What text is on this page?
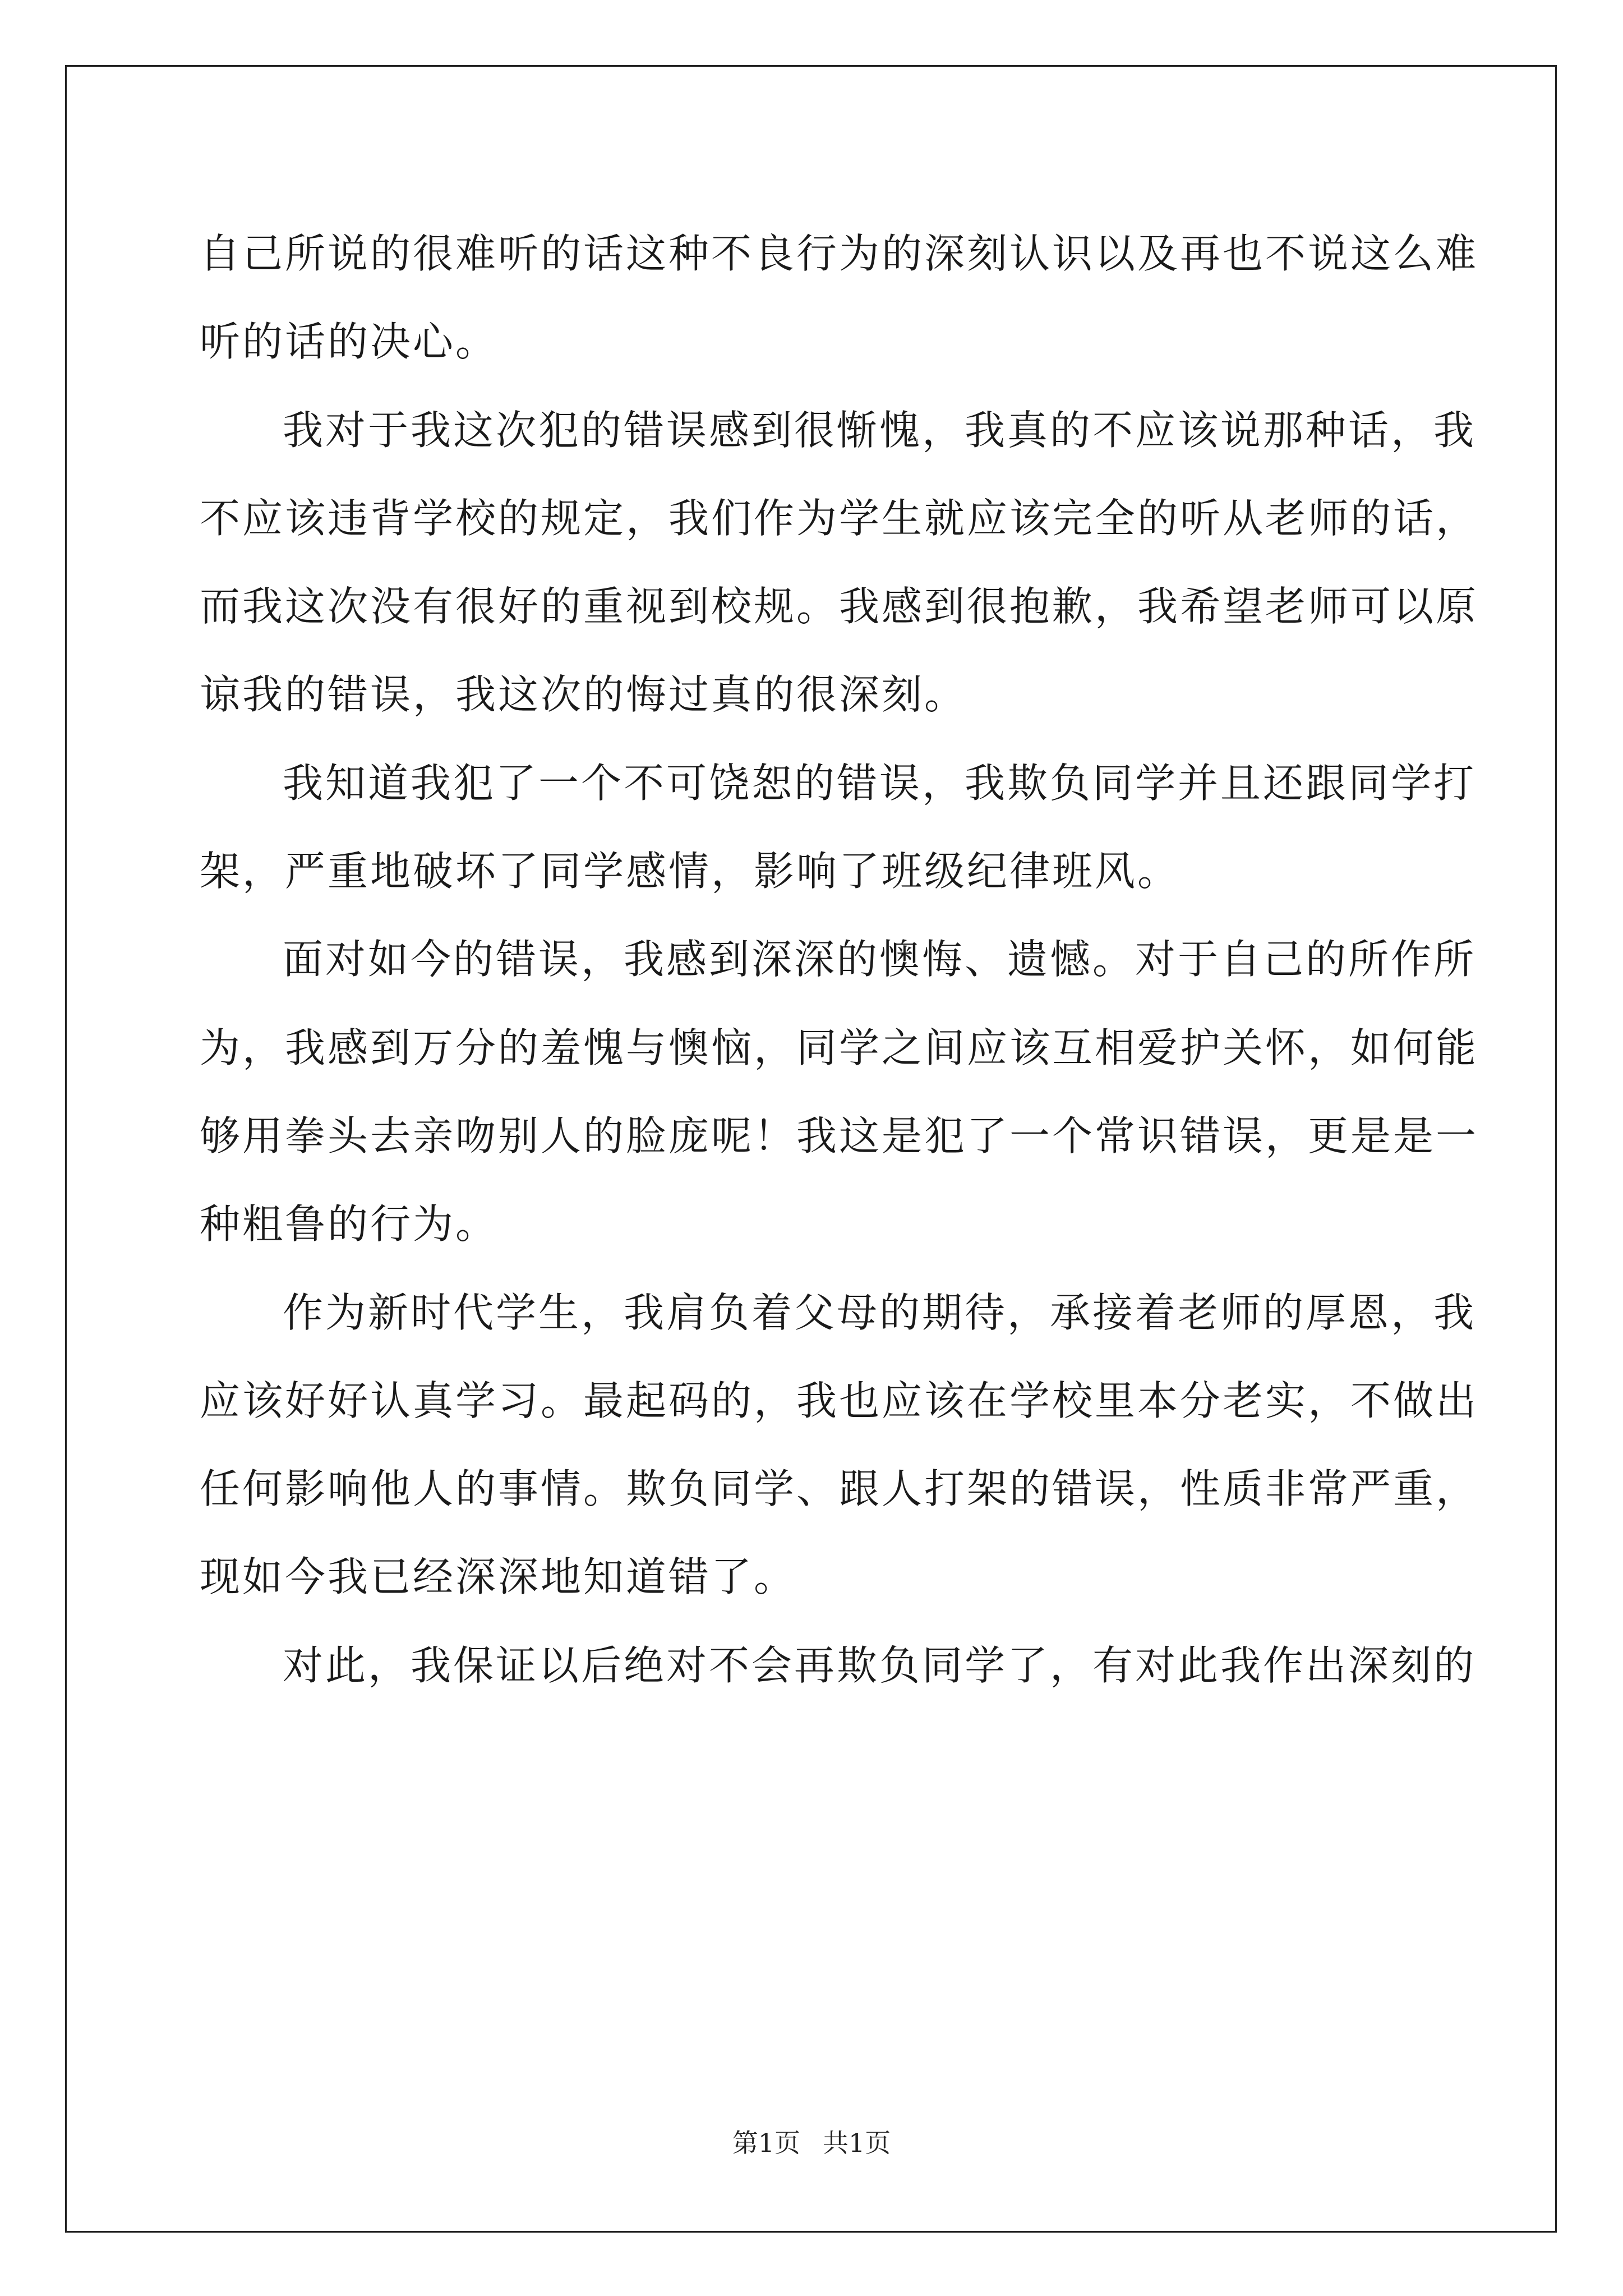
自己所说的很难听的话这种不良行为的深刻认识以及再也不说这么难
听的话的决心。
我对于我这次犯的错误感到很惭愧，我真的不应该说那种话，我
不应该违背学校的规定，我们作为学生就应该完全的听从老师的话，
而我这次没有很好的重视到校规。我感到很抱歉，我希望老师可以原
谅我的错误，我这次的悔过真的很深刻。
我知道我犯了一个不可饶恕的错误，我欺负同学并且还跟同学打
架，严重地破坏了同学感情，影响了班级纪律班风。
面对如今的错误，我感到深深的懊悔、遗憾。对于自己的所作所
为，我感到万分的羞愧与懊恼，同学之间应该互相爱护关怀，如何能
够用拳头去亲吻别人的脸庞呢！我这是犯了一个常识错误，更是是一
种粗鲁的行为。
作为新时代学生，我肩负着父母的期待，承接着老师的厚恩，我
应该好好认真学习。最起码的，我也应该在学校里本分老实，不做出
任何影响他人的事情。欺负同学、跟人打架的错误，性质非常严重，
现如今我已经深深地知道错了。
对此，我保证以后绝对不会再欺负同学了，有对此我作出深刻的
第1页 共1页
